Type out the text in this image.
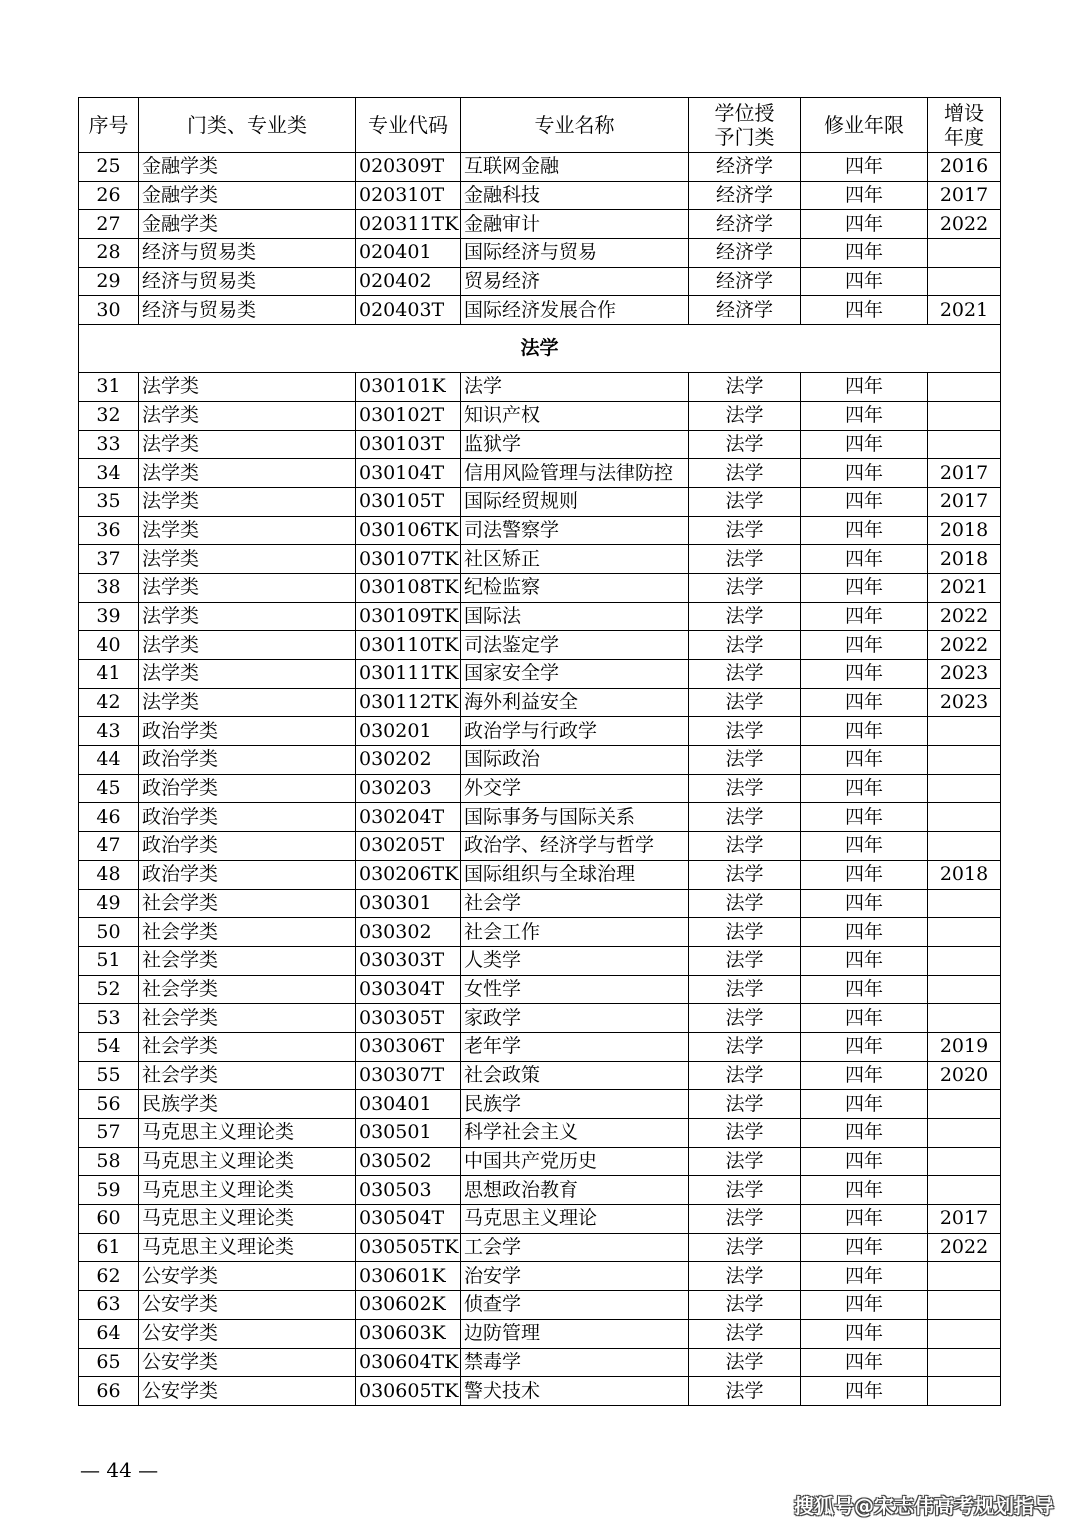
序号	门类、专业类	专业代码	专业名称	学位授予门类	修业年限	增设年度
25	金融学类	020309T	互联网金融	经济学	四年	2016
26	金融学类	020310T	金融科技	经济学	四年	2017
27	金融学类	020311TK	金融审计	经济学	四年	2022
28	经济与贸易类	020401	国际经济与贸易	经济学	四年	
29	经济与贸易类	020402	贸易经济	经济学	四年	
30	经济与贸易类	020403T	国际经济发展合作	经济学	四年	2021
法学						
31	法学类	030101K	法学	法学	四年	
32	法学类	030102T	知识产权	法学	四年	
33	法学类	030103T	监狱学	法学	四年	
34	法学类	030104T	信用风险管理与法律防控	法学	四年	2017
35	法学类	030105T	国际经贸规则	法学	四年	2017
36	法学类	030106TK	司法警察学	法学	四年	2018
37	法学类	030107TK	社区矫正	法学	四年	2018
38	法学类	030108TK	纪检监察	法学	四年	2021
39	法学类	030109TK	国际法	法学	四年	2022
40	法学类	030110TK	司法鉴定学	法学	四年	2022
41	法学类	030111TK	国家安全学	法学	四年	2023
42	法学类	030112TK	海外利益安全	法学	四年	2023
43	政治学类	030201	政治学与行政学	法学	四年	
44	政治学类	030202	国际政治	法学	四年	
45	政治学类	030203	外交学	法学	四年	
46	政治学类	030204T	国际事务与国际关系	法学	四年	
47	政治学类	030205T	政治学、经济学与哲学	法学	四年	
48	政治学类	030206TK	国际组织与全球治理	法学	四年	2018
49	社会学类	030301	社会学	法学	四年	
50	社会学类	030302	社会工作	法学	四年	
51	社会学类	030303T	人类学	法学	四年	
52	社会学类	030304T	女性学	法学	四年	
53	社会学类	030305T	家政学	法学	四年	
54	社会学类	030306T	老年学	法学	四年	2019
55	社会学类	030307T	社会政策	法学	四年	2020
56	民族学类	030401	民族学	法学	四年	
57	马克思主义理论类	030501	科学社会主义	法学	四年	
58	马克思主义理论类	030502	中国共产党历史	法学	四年	
59	马克思主义理论类	030503	思想政治教育	法学	四年	
60	马克思主义理论类	030504T	马克思主义理论	法学	四年	2017
61	马克思主义理论类	030505TK	工会学	法学	四年	2022
62	公安学类	030601K	治安学	法学	四年	
63	公安学类	030602K	侦查学	法学	四年	
64	公安学类	030603K	边防管理	法学	四年	
65	公安学类	030604TK	禁毒学	法学	四年	
66	公安学类	030605TK	警犬技术	法学	四年	
— 44 —
搜狐号@宋志伟高考规划指导
